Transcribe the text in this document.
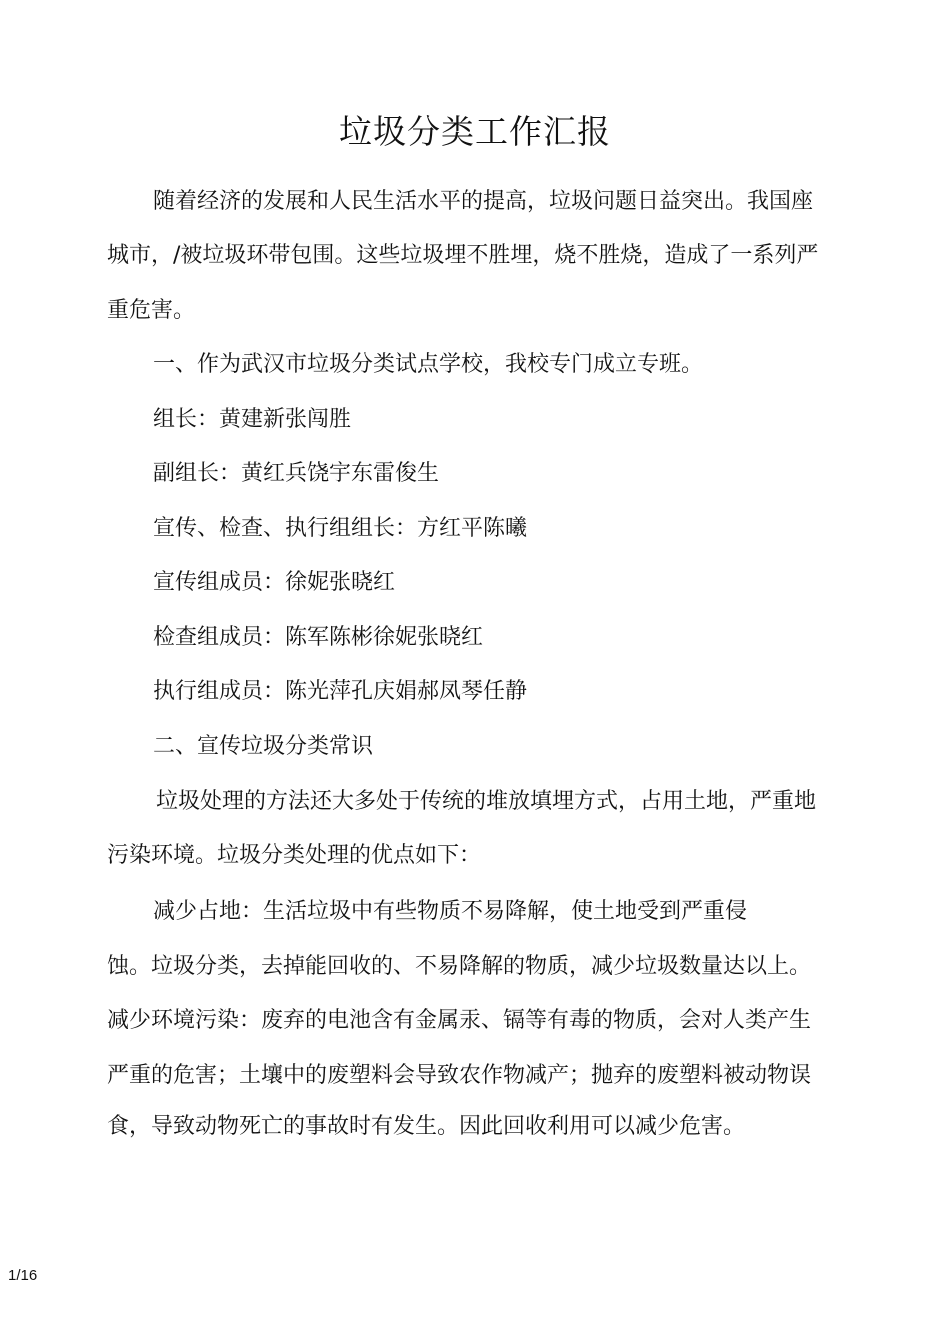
垃圾分类工作汇报
随着经济的发展和人民生活水平的提高，垃圾问题日益突出。我国座
城市，/被垃圾环带包围。这些垃圾埋不胜埋，烧不胜烧，造成了一系列严
重危害。
一、作为武汉市垃圾分类试点学校，我校专门成立专班。
组长：黄建新张闯胜
副组长：黄红兵饶宇东雷俊生
宣传、检查、执行组组长：方红平陈曦
宣传组成员：徐妮张晓红
检查组成员：陈军陈彬徐妮张晓红
执行组成员：陈光萍孔庆娟郝凤琴任静
二、宣传垃圾分类常识
垃圾处理的方法还大多处于传统的堆放填埋方式，占用土地，严重地
污染环境。垃圾分类处理的优点如下：
减少占地：生活垃圾中有些物质不易降解，使土地受到严重侵
蚀。垃圾分类，去掉能回收的、不易降解的物质，减少垃圾数量达以上。
减少环境污染：废弃的电池含有金属汞、镉等有毒的物质，会对人类产生
严重的危害；土壤中的废塑料会导致农作物减产；抛弃的废塑料被动物误
食，导致动物死亡的事故时有发生。因此回收利用可以减少危害。
1/16
